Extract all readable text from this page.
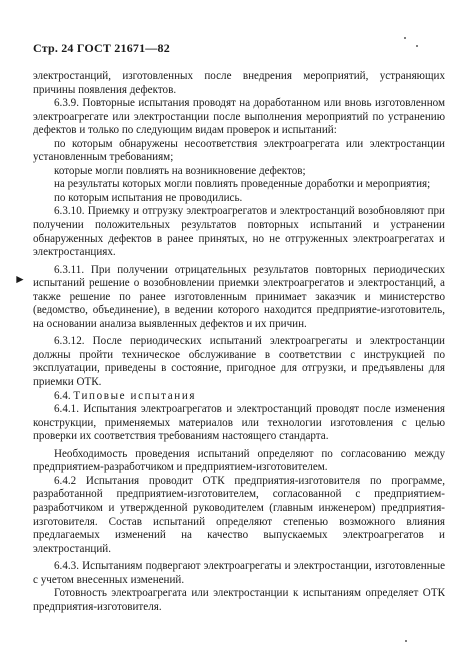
Стр. 24 ГОСТ 21671—82
►

электростанций, изготовленных после внедрения мероприятий, устраняющих причины появления дефектов.

6.3.9. Повторные испытания проводят на доработанном или вновь изготовленном электроагрегате или электростанции после выполнения мероприятий по устранению дефектов и только по следующим видам проверок и испытаний:

по которым обнаружены несоответствия электроагрегата или электростанции установленным требованиям;

которые могли повлиять на возникновение дефектов;

на результаты которых могли повлиять проведенные доработки и мероприятия;

по которым испытания не проводились.

6.3.10. Приемку и отгрузку электроагрегатов и электростанций возобновляют при получении положительных результатов повторных испытаний и устранении обнаруженных дефектов в ранее принятых, но не отгруженных электроагрегатах и электростанциях.

6.3.11. При получении отрицательных результатов повторных периодических испытаний решение о возобновлении приемки электроагрегатов и электростанций, а также решение по ранее изготовленным принимает заказчик и министерство (ведомство, объединение), в ведении которого находится предприятие-изготовитель, на основании анализа выявленных дефектов и их причин.

6.3.12. После периодических испытаний электроагрегаты и электростанции должны пройти техническое обслуживание в соответствии с инструкцией по эксплуатации, приведены в состояние, пригодное для отгрузки, и предъявлены для приемки ОТК.

6.4. Типовые испытания

6.4.1. Испытания электроагрегатов и электростанций проводят после изменения конструкции, применяемых материалов или технологии изготовления с целью проверки их соответствия требованиям настоящего стандарта.

Необходимость проведения испытаний определяют по согласованию между предприятием-разработчиком и предприятием-изготовителем.

6.4.2 Испытания проводит ОТК предприятия-изготовителя по программе, разработанной предприятием-изготовителем, согласованной с предприятием-разработчиком и утвержденной руководителем (главным инженером) предприятия-изготовителя. Состав испытаний определяют степенью возможного влияния предлагаемых изменений на качество выпускаемых электроагрегатов и электростанций.

6.4.3. Испытаниям подвергают электроагрегаты и электростанции, изготовленные с учетом внесенных изменений.

Готовность электроагрегата или электростанции к испытаниям определяет ОТК предприятия-изготовителя.
